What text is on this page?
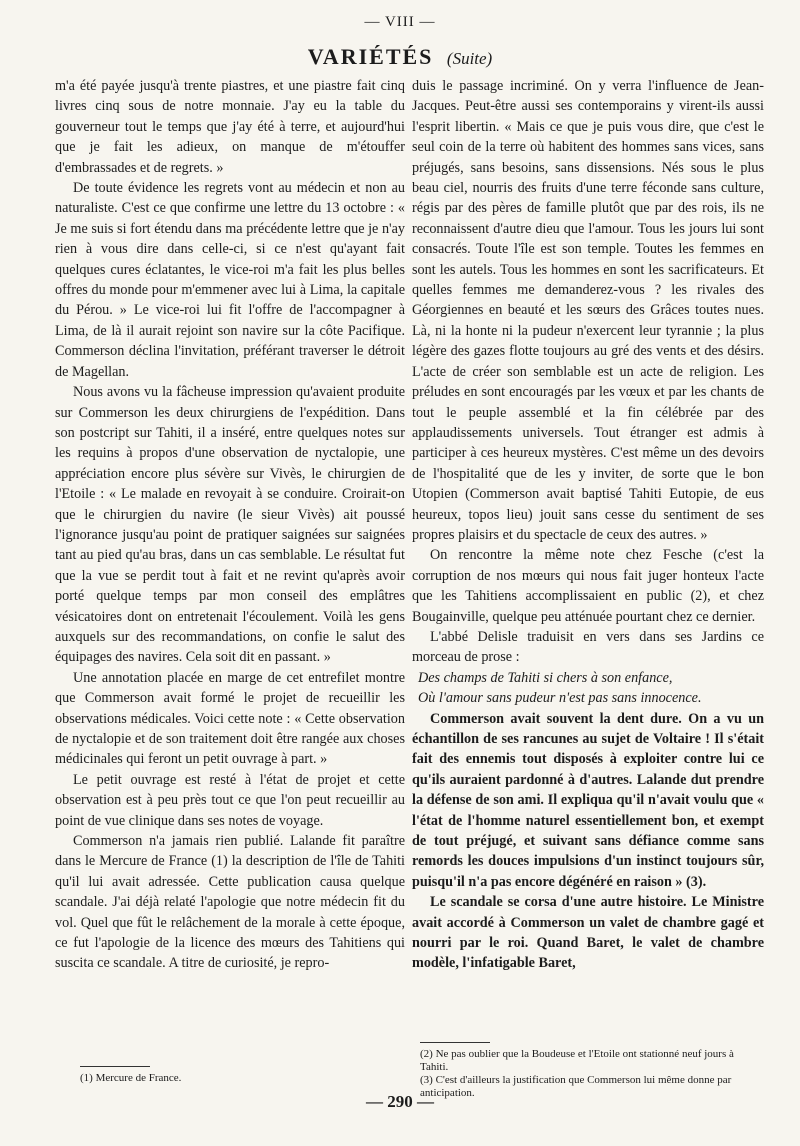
— VIII —
VARIÉTÉS (Suite)

m'a été payée jusqu'à trente piastres, et une piastre fait cinq livres cinq sous de notre monnaie. J'ay eu la table du gouverneur tout le temps que j'ay été à terre, et aujourd'hui que je fait les adieux, on manque de m'étouffer d'embrassades et de regrets. »

De toute évidence les regrets vont au médecin et non au naturaliste. C'est ce que confirme une lettre du 13 octobre : « Je me suis si fort étendu dans ma précédente lettre que je n'ay rien à vous dire dans celle-ci, si ce n'est qu'ayant fait quelques cures éclatantes, le vice-roi m'a fait les plus belles offres du monde pour m'emmener avec lui à Lima, la capitale du Pérou. » Le vice-roi lui fit l'offre de l'accompagner à Lima, de là il aurait rejoint son navire sur la côte Pacifique. Commerson déclina l'invitation, préférant traverser le détroit de Magellan.

Nous avons vu la fâcheuse impression qu'avaient produite sur Commerson les deux chirurgiens de l'expédition. Dans son postcript sur Tahiti, il a inséré, entre quelques notes sur les requins à propos d'une observation de nyctalopie, une appréciation encore plus sévère sur Vivès, le chirurgien de l'Etoile : « Le malade en revoyait à se conduire. Croirait-on que le chirurgien du navire (le sieur Vivès) ait poussé l'ignorance jusqu'au point de pratiquer saignées sur saignées tant au pied qu'au bras, dans un cas semblable. Le résultat fut que la vue se perdit tout à fait et ne revint qu'après avoir porté quelque temps par mon conseil des emplâtres vésicatoires dont on entretenait l'écoulement. Voilà les gens auxquels sur des recommandations, on confie le salut des équipages des navires. Cela soit dit en passant. »

Une annotation placée en marge de cet entrefilet montre que Commerson avait formé le projet de recueillir les observations médicales. Voici cette note : « Cette observation de nyctalopie et de son traitement doit être rangée aux choses médicinales qui feront un petit ouvrage à part. »

Le petit ouvrage est resté à l'état de projet et cette observation est à peu près tout ce que l'on peut recueillir au point de vue clinique dans ses notes de voyage.

Commerson n'a jamais rien publié. Lalande fit paraître dans le Mercure de France (1) la description de l'île de Tahiti qu'il lui avait adressée. Cette publication causa quelque scandale. J'ai déjà relaté l'apologie que notre médecin fit du vol. Quel que fût le relâchement de la morale à cette époque, ce fut l'apologie de la licence des mœurs des Tahitiens qui suscita ce scandale. A titre de curiosité, je repro-

duis le passage incriminé. On y verra l'influence de Jean-Jacques. Peut-être aussi ses contemporains y virent-ils aussi l'esprit libertin. « Mais ce que je puis vous dire, que c'est le seul coin de la terre où habitent des hommes sans vices, sans préjugés, sans besoins, sans dissensions. Nés sous le plus beau ciel, nourris des fruits d'une terre féconde sans culture, régis par des pères de famille plutôt que par des rois, ils ne reconnaissent d'autre dieu que l'amour. Tous les jours lui sont consacrés. Toute l'île est son temple. Toutes les femmes en sont les autels. Tous les hommes en sont les sacrificateurs. Et quelles femmes me demanderez-vous ? les rivales des Géorgiennes en beauté et les sœurs des Grâces toutes nues. Là, ni la honte ni la pudeur n'exercent leur tyrannie ; la plus légère des gazes flotte toujours au gré des vents et des désirs. L'acte de créer son semblable est un acte de religion. Les préludes en sont encouragés par les vœux et par les chants de tout le peuple assemblé et la fin célébrée par des applaudissements universels. Tout étranger est admis à participer à ces heureux mystères. C'est même un des devoirs de l'hospitalité que de les y inviter, de sorte que le bon Utopien (Commerson avait baptisé Tahiti Eutopie, de eus heureux, topos lieu) jouit sans cesse du sentiment de ses propres plaisirs et du spectacle de ceux des autres. »

On rencontre la même note chez Fesche (c'est la corruption de nos mœurs qui nous fait juger honteux l'acte que les Tahitiens accomplissaient en public (2), et chez Bougainville, quelque peu atténuée pourtant chez ce dernier.

L'abbé Delisle traduisit en vers dans ses Jardins ce morceau de prose :

Des champs de Tahiti si chers à son enfance,

Où l'amour sans pudeur n'est pas sans innocence.

Commerson avait souvent la dent dure. On a vu un échantillon de ses rancunes au sujet de Voltaire ! Il s'était fait des ennemis tout disposés à exploiter contre lui ce qu'ils auraient pardonné à d'autres. Lalande dut prendre la défense de son ami. Il expliqua qu'il n'avait voulu que « l'état de l'homme naturel essentiellement bon, et exempt de tout préjugé, et suivant sans défiance comme sans remords les douces impulsions d'un instinct toujours sûr, puisqu'il n'a pas encore dégénéré en raison » (3).

Le scandale se corsa d'une autre histoire. Le Ministre avait accordé à Commerson un valet de chambre gagé et nourri par le roi. Quand Baret, le valet de chambre modèle, l'infatigable Baret,

(1) Mercure de France.
(2) Ne pas oublier que la Boudeuse et l'Etoile ont stationné neuf jours à Tahiti.
(3) C'est d'ailleurs la justification que Commerson lui même donne par anticipation.
— 290 —
